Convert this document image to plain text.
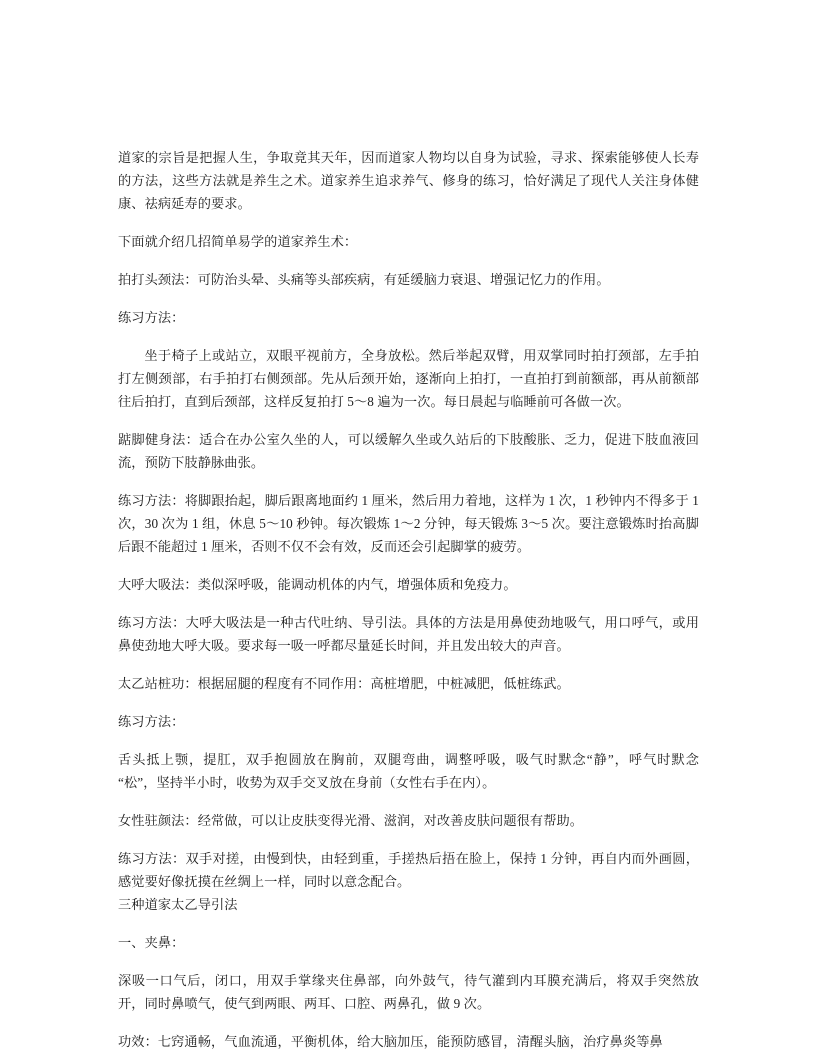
道家的宗旨是把握人生，争取竟其天年，因而道家人物均以自身为试验，寻求、探索能够使人长寿的方法，这些方法就是养生之术。道家养生追求养气、修身的练习，恰好满足了现代人关注身体健康、祛病延寿的要求。

下面就介绍几招简单易学的道家养生术：

拍打头颈法：可防治头晕、头痛等头部疾病，有延缓脑力衰退、增强记忆力的作用。

练习方法：

坐于椅子上或站立，双眼平视前方，全身放松。然后举起双臂，用双掌同时拍打颈部，左手拍打左侧颈部，右手拍打右侧颈部。先从后颈开始，逐渐向上拍打，一直拍打到前额部，再从前额部往后拍打，直到后颈部，这样反复拍打 5～8 遍为一次。每日晨起与临睡前可各做一次。

踮脚健身法：适合在办公室久坐的人，可以缓解久坐或久站后的下肢酸胀、乏力，促进下肢血液回流，预防下肢静脉曲张。

练习方法：将脚跟抬起，脚后跟离地面约 1 厘米，然后用力着地，这样为 1 次，1 秒钟内不得多于 1 次，30 次为 1 组，休息 5～10 秒钟。每次锻炼 1～2 分钟，每天锻炼 3～5 次。要注意锻炼时抬高脚后跟不能超过 1 厘米，否则不仅不会有效，反而还会引起脚掌的疲劳。

大呼大吸法：类似深呼吸，能调动机体的内气，增强体质和免疫力。

练习方法：大呼大吸法是一种古代吐纳、导引法。具体的方法是用鼻使劲地吸气，用口呼气，或用鼻使劲地大呼大吸。要求每一吸一呼都尽量延长时间，并且发出较大的声音。

太乙站桩功：根据屈腿的程度有不同作用：高桩增肥，中桩减肥，低桩练武。

练习方法：

舌头抵上颚，提肛，双手抱圆放在胸前，双腿弯曲，调整呼吸，吸气时默念“静”，呼气时默念“松”，坚持半小时，收势为双手交叉放在身前（女性右手在内）。

女性驻颜法：经常做，可以让皮肤变得光滑、滋润，对改善皮肤问题很有帮助。

练习方法：双手对搓，由慢到快，由轻到重，手搓热后捂在脸上，保持 1 分钟，再自内而外画圆，感觉要好像抚摸在丝绸上一样，同时以意念配合。

三种道家太乙导引法

一、夹鼻：

深吸一口气后，闭口，用双手掌缘夹住鼻部，向外鼓气，待气灌到内耳膜充满后，将双手突然放开，同时鼻喷气，使气到两眼、两耳、口腔、两鼻孔，做 9 次。

功效：七窍通畅，气血流通，平衡机体，给大脑加压，能预防感冒，清醒头脑，治疗鼻炎等鼻
